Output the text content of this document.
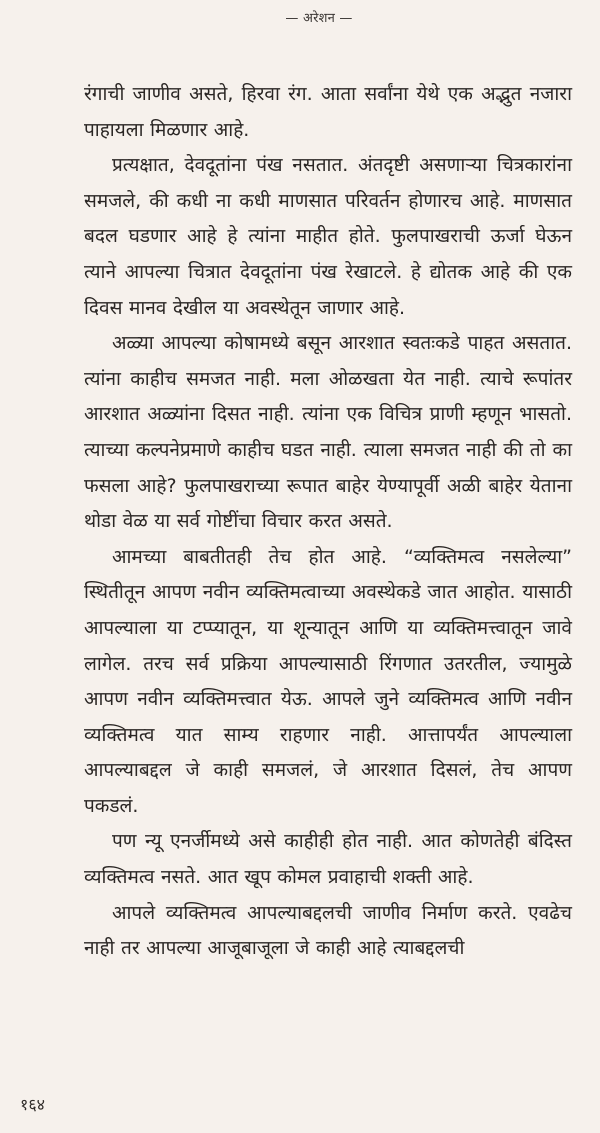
— अरेशन —

रंगाची जाणीव असते, हिरवा रंग. आता सर्वांना येथे एक अद्भुत नजारा पाहायला मिळणार आहे.

प्रत्यक्षात, देवदूतांना पंख नसतात. अंतदृष्टी असणाऱ्या चित्रकारांना समजले, की कधी ना कधी माणसात परिवर्तन होणारच आहे. माणसात बदल घडणार आहे हे त्यांना माहीत होते. फुलपाखराची ऊर्जा घेऊन त्याने आपल्या चित्रात देवदूतांना पंख रेखाटले. हे द्योतक आहे की एक दिवस मानव देखील या अवस्थेतून जाणार आहे.

अळ्या आपल्या कोषामध्ये बसून आरशात स्वतःकडे पाहत असतात. त्यांना काहीच समजत नाही. मला ओळखता येत नाही. त्याचे रूपांतर आरशात अळ्यांना दिसत नाही. त्यांना एक विचित्र प्राणी म्हणून भासतो. त्याच्या कल्पनेप्रमाणे काहीच घडत नाही. त्याला समजत नाही की तो का फसला आहे? फुलपाखराच्या रूपात बाहेर येण्यापूर्वी अळी बाहेर येताना थोडा वेळ या सर्व गोष्टींचा विचार करत असते.

आमच्या बाबतीतही तेच होत आहे. “व्यक्तिमत्व नसलेल्या” स्थितीतून आपण नवीन व्यक्तिमत्वाच्या अवस्थेकडे जात आहोत. यासाठी आपल्याला या टप्प्यातून, या शून्यातून आणि या व्यक्तिमत्त्वातून जावे लागेल. तरच सर्व प्रक्रिया आपल्यासाठी रिंगणात उतरतील, ज्यामुळे आपण नवीन व्यक्तिमत्त्वात येऊ. आपले जुने व्यक्तिमत्व आणि नवीन व्यक्तिमत्व यात साम्य राहणार नाही. आत्तापर्यंत आपल्याला आपल्याबद्दल जे काही समजलं, जे आरशात दिसलं, तेच आपण पकडलं.

पण न्यू एनर्जीमध्ये असे काहीही होत नाही. आत कोणतेही बंदिस्त व्यक्तिमत्व नसते. आत खूप कोमल प्रवाहाची शक्ती आहे.

आपले व्यक्तिमत्व आपल्याबद्दलची जाणीव निर्माण करते. एवढेच नाही तर आपल्या आजूबाजूला जे काही आहे त्याबद्दलची

१६४
